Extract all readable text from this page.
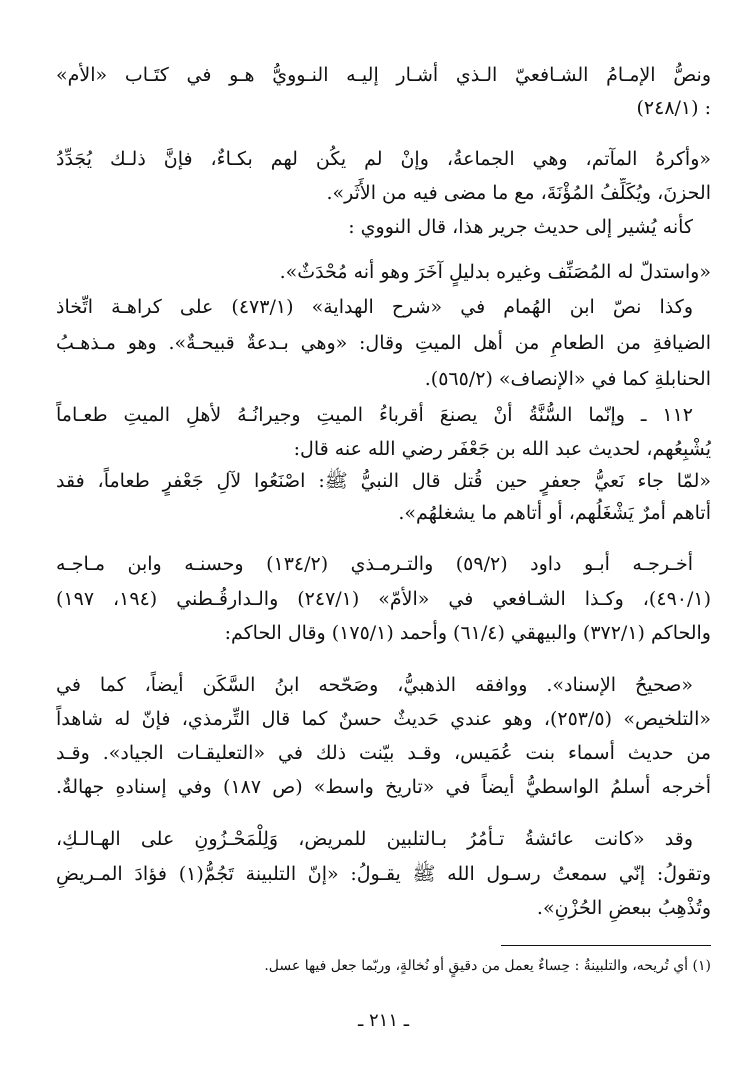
ونصُّ الإمـامُ الشـافعيّ الـذي أشـار إليـه النـوويُّ هـو في كتَـاب «الأم»
: (٢٤٨/١)
«وأكرهُ المآتم، وهي الجماعةُ، وإنْ لم يكُن لهم بكـاءٌ، فإنَّ ذلـك يُجَدِّدُ
الحزنَ، ويُكَلِّفُ المُؤْنَةَ، مع ما مضى فيه من الأَثَر».
كأنه يُشير إلى حديث جرير هذا، قال النووي :
«واستدلّ له المُصَنِّف وغيره بدليلٍ آخَرَ وهو أنه مُحْدَثٌ».
وكذا نصّ ابن الهُمام في «شرح الهداية» (٤٧٣/١) على كراهـة اتِّخاذ
الضيافةِ من الطعامِ من أهل الميتِ وقال: «وهي بـدعةٌ قبيحـةٌ». وهو مـذهـبُ
الحنابلةِ كما في «الإنصاف» (٥٦٥/٢).
١١٢ ـ وإنّما السُّنَّةُ أنْ يصنعَ أقرباءُ الميتِ وجيرانُـهُ لأهلِ الميتِ طعـاماً
يُشْبِعُهم، لحديث عبد الله بن جَعْفَر رضي الله عنه قال:
«لمّا جاء نَعيُّ جعفرٍ حين قُتل قال النبيُّ ﷺ: اصْنَعُوا لآلِ جَعْفرٍ طعاماً، فقد
أتاهم أمرٌ يَشْغَلُهم، أو أتاهم ما يشغلهُم».
أخـرجـه أبـو داود (٥٩/٢) والتـرمـذي (١٣٤/٢) وحسنـه وابن مـاجـه
(٤٩٠/١)، وكـذا الشـافعي في «الأمّ» (٢٤٧/١) والـدارقُـطني (١٩٤، ١٩٧)
والحاكم (٣٧٢/١) والبيهقي (٦١/٤) وأحمد (١٧٥/١) وقال الحاكم:
«صحيحُ الإسناد». ووافقه الذهبيُّ، وصَحّحه ابنُ السَّكَن أيضاً، كما في
«التلخيص» (٢٥٣/٥)، وهو عندي حَديثٌ حسنٌ كما قال التِّرمذي، فإنّ له شاهداً
من حديث أسماء بنت عُمَيس، وقـد بيّنت ذلك في «التعليقـات الجياد». وقـد
أخرجه أسلمُ الواسطيُّ أيضاً في «تاريخ واسط» (ص ١٨٧) وفي إسنادهِ جهالةٌ.
وقد «كانت عائشةُ تـأمُرُ بـالتلبين للمريض، وَلِلْمَحْـزُونِ على الهـالـكِ،
وتقولُ: إنّي سمعتُ رسـول الله ﷺ يقـولُ: «إنّ التلبينة تَجُمُّ(١) فؤادَ المـريضِ
وتُذْهِبُ ببعضِ الحُزْنِ».
(١) أي تُريحه، والتلبينةُ : حِساءٌ يعمل من دقيقٍ أو نُخالةٍ، وربّما جعل فيها عسل.
ـ ٢١١ ـ
